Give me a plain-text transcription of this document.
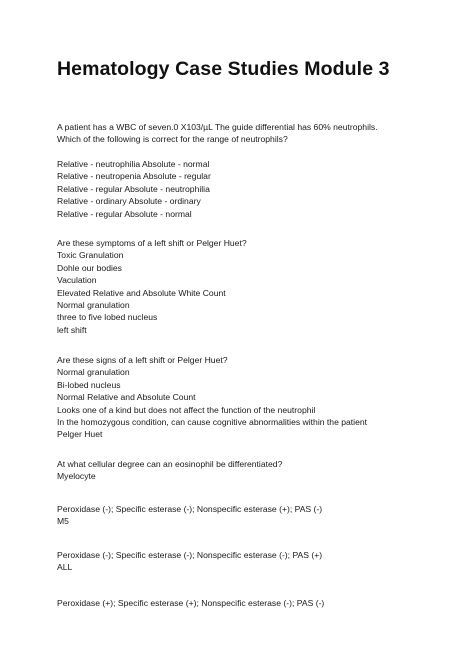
Hematology Case Studies Module 3
A patient has a WBC of seven.0 X103/µL The guide differential has 60% neutrophils.
Which of the following is correct for the range of neutrophils?
Relative - neutrophilia Absolute - normal
Relative - neutropenia Absolute - regular
Relative - regular Absolute - neutrophilia
Relative - ordinary Absolute - ordinary
Relative - regular Absolute - normal
Are these symptoms of a left shift or Pelger Huet?
Toxic Granulation
Dohle our bodies
Vaculation
Elevated Relative and Absolute White Count
Normal granulation
three to five lobed nucleus
left shift
Are these signs of a left shift or Pelger Huet?
Normal granulation
Bi-lobed nucleus
Normal Relative and Absolute Count
Looks one of a kind but does not affect the function of the neutrophil
In the homozygous condition, can cause cognitive abnormalities within the patient
Pelger Huet
At what cellular degree can an eosinophil be differentiated?
Myelocyte
Peroxidase (-); Specific esterase (-); Nonspecific esterase (+); PAS (-)
M5
Peroxidase (-); Specific esterase (-); Nonspecific esterase (-); PAS (+)
ALL
Peroxidase (+); Specific esterase (+); Nonspecific esterase (-); PAS (-)
